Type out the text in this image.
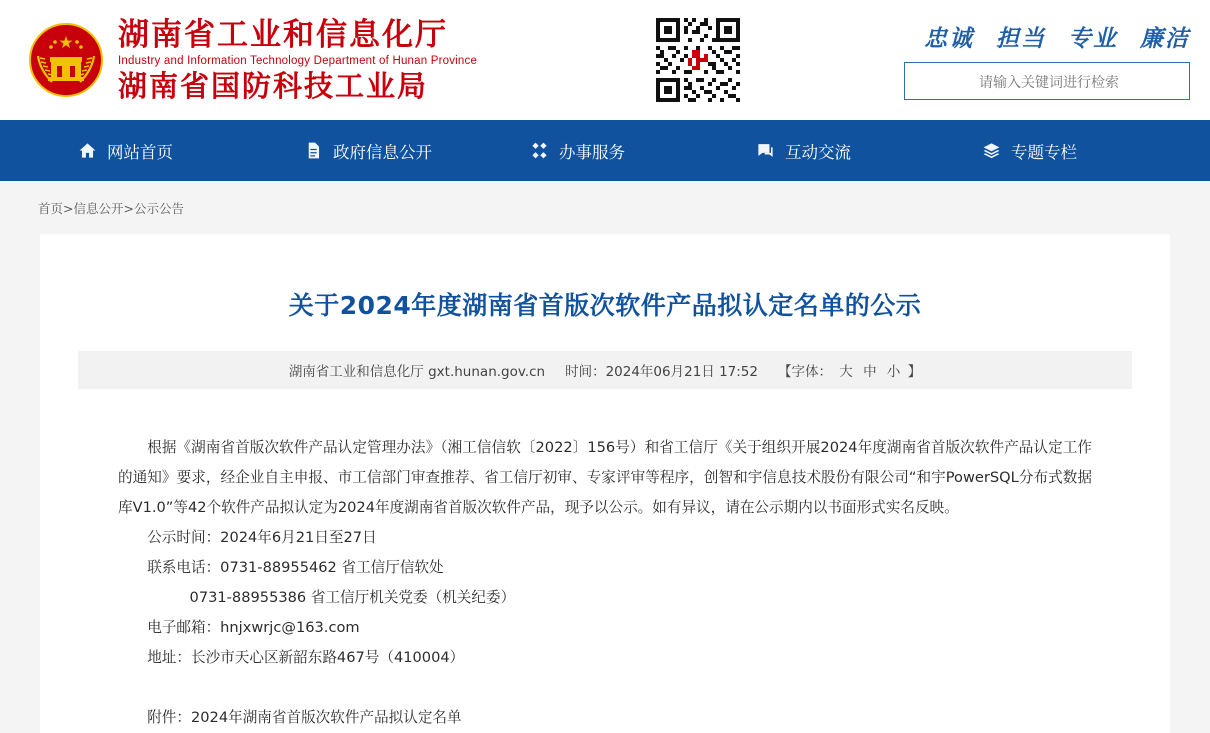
湖南省工业和信息化厅
Industry and Information Technology Department of Hunan Province
湖南省国防科技工业局
忠诚 担当 专业 廉洁
请输入关键词进行检索
网站首页	政府信息公开	办事服务	互动交流	专题专栏
首页>信息公开>公示公告
关于2024年度湖南省首版次软件产品拟认定名单的公示
湖南省工业和信息化厅 gxt.hunan.gov.cn 时间： 2024年06月21日 17:52 【字体： 大 中 小 】

根据《湖南省首版次软件产品认定管理办法》（湘工信信软〔2022〕156号）和省工信厅《关于组织开展2024年度湖南省首版次软件产品认定工作的通知》要求，经企业自主申报、市工信部门审查推荐、省工信厅初审、专家评审等程序，创智和宇信息技术股份有限公司“和宇PowerSQL分布式数据库V1.0”等42个软件产品拟认定为2024年度湖南省首版次软件产品，现予以公示。如有异议，请在公示期内以书面形式实名反映。

公示时间：2024年6月21日至27日

联系电话：0731-88955462 省工信厅信软处

0731-88955386 省工信厅机关党委（机关纪委）

电子邮箱：hnjxwrjc@163.com

地址：长沙市天心区新韶东路467号（410004）

附件：2024年湖南省首版次软件产品拟认定名单
